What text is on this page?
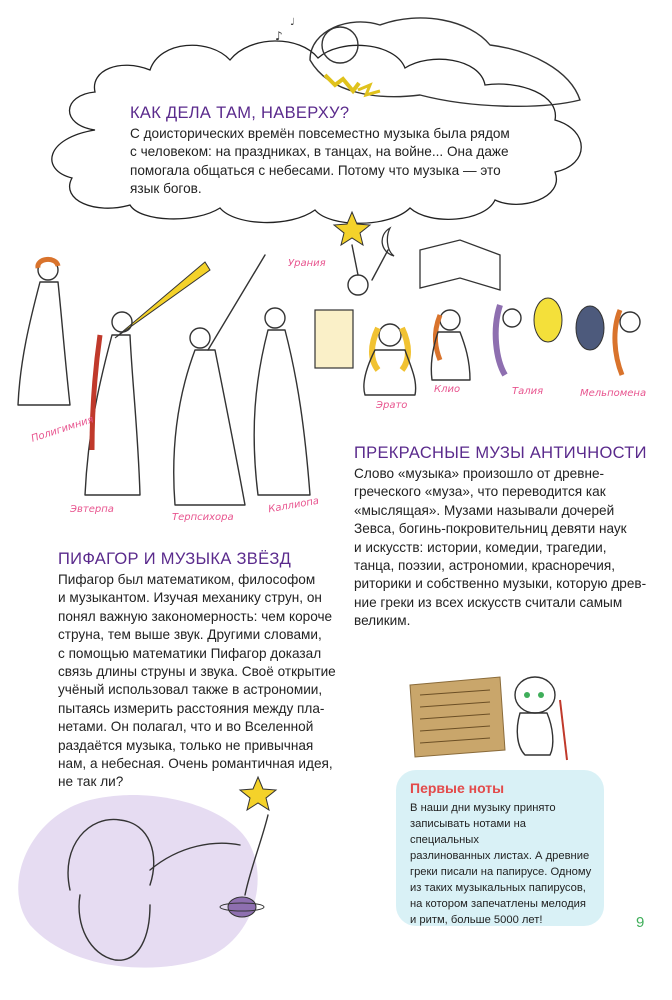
♪
♩
КАК ДЕЛА ТАМ, НАВЕРХУ?
С доисторических времён повсеместно музыка была рядом
с человеком: на праздниках, в танцах, на войне... Она даже
помогала общаться с небесами. Потому что музыка — это
язык богов.
Урания
Полигимния
Эвтерпа
Терпсихора
Каллиопа
Эрато
Клио	Талия	Мельпомена
ПРЕКРАСНЫЕ МУЗЫ АНТИЧНОСТИ
Слово «музыка» произошло от древне-
греческого «муза», что переводится как
«мыслящая». Музами называли дочерей
Зевса, богинь-покровительниц девяти наук
и искусств: истории, комедии, трагедии,
танца, поэзии, астрономии, красноречия,
риторики и собственно музыки, которую древ-
ние греки из всех искусств считали самым
великим.
ПИФАГОР И МУЗЫКА ЗВЁЗД
Пифагор был математиком, философом
и музыкантом. Изучая механику струн, он
понял важную закономерность: чем короче
струна, тем выше звук. Другими словами,
с помощью математики Пифагор доказал
связь длины струны и звука. Своё открытие
учёный использовал также в астрономии,
пытаясь измерить расстояния между пла-
нетами. Он полагал, что и во Вселенной
раздаётся музыка, только не привычная
нам, а небесная. Очень романтичная идея,
не так ли?	Первые ноты
В наши дни музыку принято
записывать нотами на специальных
разлинованных листах. А древние
греки писали на папирусе. Одному
из таких музыкальных папирусов,
на котором запечатлены мелодия
и ритм, больше 5000 лет!	9
